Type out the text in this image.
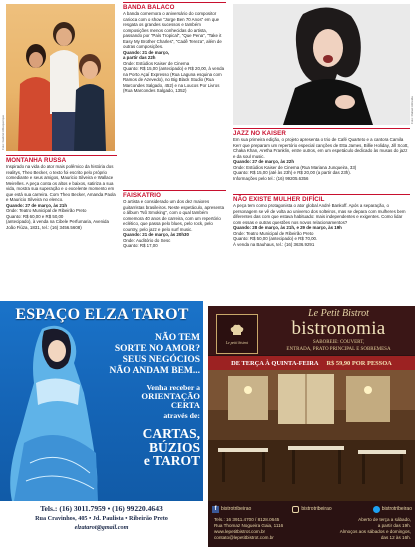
Foto: Gabriel Albuquerque
MONTANHA RUSSA
Inspirado na vida do ator mais polêmico da história dos realitys, Theo Becker, o texto foi escrito pelo próprio comediante e seus amigos, Mauricio Silveira e Wallace Meirelles. A peça conta os altos e baixos, satiriza a sua vida, mostra sua superação e o excelente momento em que está sua carreira. Com Theo Becker, Amanda Paola e Mauricio Silveira no elenco.
Quando: 27 de março, às 21h
Onde: Teatro Municipal de Ribeirão Preto
Quanto: R$ 60,00 e R$ 50,00
(antecipado), à venda na Cibele Perfumaria, Avenida João Fiúza, 1831, tel.: (16) 3456.5608)
BANDA BALACO
A banda comemora o aniversário do compositor carioca com o show "Jorge Ben 70 Anos" em que resgata os grandes sucessos e também composições menos conhecidas do artista, passando por "País Tropical", "Que Pena", "Take it Easy My Brother Charles", "Cadê Tereza", além de outras composições.
Quando: 21 de março,
a partir das 22h
Onde: Estúdios Kaiser de Cinema
Quanto: R$ 15,00 (antecipado) e R$ 20,00, à venda na Porto Açaí Expresso (Rua Laguna esquina com Ramos de Azevedo), no Big Black Studio (Rua Marcondes Salgado, 452) e na Loucos Por Livros (Rua Marcondes Salgado, 1352)
FAISKATRIO
O artista e considerado um dos dez maiores guitarristas brasileiros. Neste espetáculo, apresenta o álbum "Nô Smoking", com o qual também comemora 40 anos de carreira, com um repertório eclético, que passa pelo blues, pelo rock, pelo country, pelo jazz e pelo surf music.
Quando: 21 de março, às 20h30
Onde: Auditório do Sesc
Quanto: R$ 17,00
Foto: Rafael Almeida
JAZZ NO KAISER
Em sua primeira edição, o projeto apresenta o trio de Café Quarteto e a cantora Camila Kerr que preparam um repertório especial canções de Etta James, Billie Holiday, Jill Scott, Chaka Khan, Aretha Franklin, entre outros, em um espetáculo dedicado às musas do jazz e da soul music.
Quando: 27 de março, às 22h
Onde: Estúdios Kaiser de Cinema (Rua Mariana Junqueira, 33)
Quanto: R$ 15,00 (até às 23h) e R$ 20,00 (a partir das 23h).
Informações pelo tel.: (16) 99205.6356
NÃO EXISTE MULHER DIFÍCIL
A peça tem como protagonista o ator global André Bankoff. Após a separação, o personagem se vê de volta ao universo dos solteiros, mas se depara com mulheres bem diferentes das com que estava habituado: mais independentes e exigentes. Como lidar com essas e outras questões nos novos relacionamentos?
Quando: 28 de março, às 21h, e 29 de março, às 19h
Onde: Teatro Municipal de Ribeirão Preto
Quanto: R$ 50,00 (antecipado) e R$ 70,00.
À venda na Bauhaus, tel.: (16) 3636.9291
ESPAÇO ELZA TAROT
NÃO TEM
SORTE NO AMOR?
SEUS NEGÓCIOS
NÃO ANDAM BEM...
Venha receber a
ORIENTAÇÃO
CERTA
através de:
CARTAS,
BÚZIOS
e TAROT
Tels.: (16) 3011.7959 • (16) 99220.4643
Rua Cravinhos, 405 • Jd. Paulista • Ribeirão Preto
elzatarot@gmail.com
Le petit bistrot
Le Petit Bistrot
bistronomia
SABOREIE: COUVERT,
ENTRADA, PRATO PRINCIPAL E SOBREMESA
DE TERÇA À QUINTA-FEIRA R$ 59,90 POR PESSOA
f bistrotribeirao	bistrotribeirao	bistrotribeirao
Tels.: 16 3911.4700 / 8128.0645
Rua Thomaz Nogueira Gaia, 1116
www.lepetitbistrot.com.br
contato@lepetitbistrot.com.br
Aberto de terça a sábado,
a partir das 19h.
Almoços aos sábados e domingos,
das 12 às 16h.
